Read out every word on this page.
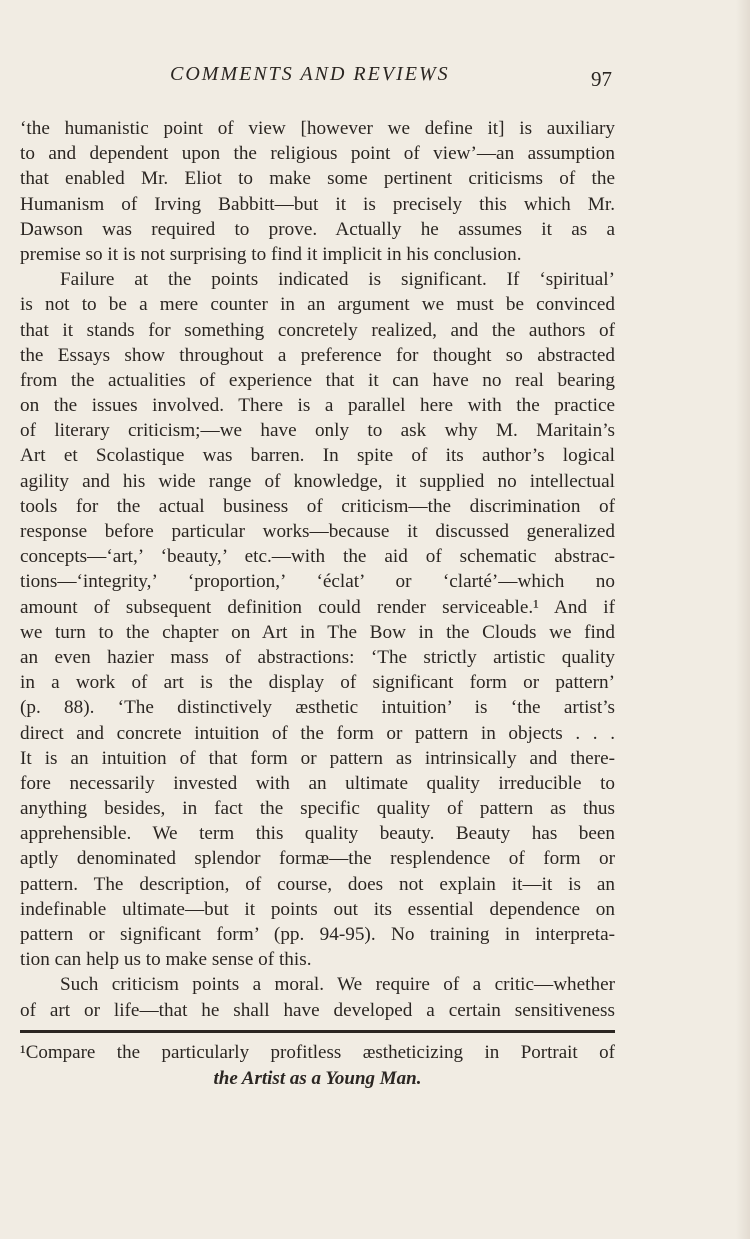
COMMENTS AND REVIEWS	97
‘the humanistic point of view [however we define it] is auxiliary
to and dependent upon the religious point of view’—an assumption
that enabled Mr. Eliot to make some pertinent criticisms of the
Humanism of Irving Babbitt—but it is precisely this which Mr.
Dawson was required to prove. Actually he assumes it as a
premise so it is not surprising to find it implicit in his conclusion.
Failure at the points indicated is significant. If ‘spiritual’
is not to be a mere counter in an argument we must be convinced
that it stands for something concretely realized, and the authors of
the Essays show throughout a preference for thought so abstracted
from the actualities of experience that it can have no real bearing
on the issues involved. There is a parallel here with the practice
of literary criticism;—we have only to ask why M. Maritain’s
Art et Scolastique was barren. In spite of its author’s logical
agility and his wide range of knowledge, it supplied no intellectual
tools for the actual business of criticism—the discrimination of
response before particular works—because it discussed generalized
concepts—‘art,’ ‘beauty,’ etc.—with the aid of schematic abstrac-
tions—‘integrity,’ ‘proportion,’ ‘éclat’ or ‘clarté’—which no
amount of subsequent definition could render serviceable.¹ And if
we turn to the chapter on Art in The Bow in the Clouds we find
an even hazier mass of abstractions: ‘The strictly artistic quality
in a work of art is the display of significant form or pattern’
(p. 88). ‘The distinctively æsthetic intuition’ is ‘the artist’s
direct and concrete intuition of the form or pattern in objects . . .
It is an intuition of that form or pattern as intrinsically and there-
fore necessarily invested with an ultimate quality irreducible to
anything besides, in fact the specific quality of pattern as thus
apprehensible. We term this quality beauty. Beauty has been
aptly denominated splendor formæ—the resplendence of form or
pattern. The description, of course, does not explain it—it is an
indefinable ultimate—but it points out its essential dependence on
pattern or significant form’ (pp. 94-95). No training in interpreta-
tion can help us to make sense of this.
Such criticism points a moral. We require of a critic—whether
of art or life—that he shall have developed a certain sensitiveness
¹Compare the particularly profitless æstheticizing in Portrait of
the Artist as a Young Man.
